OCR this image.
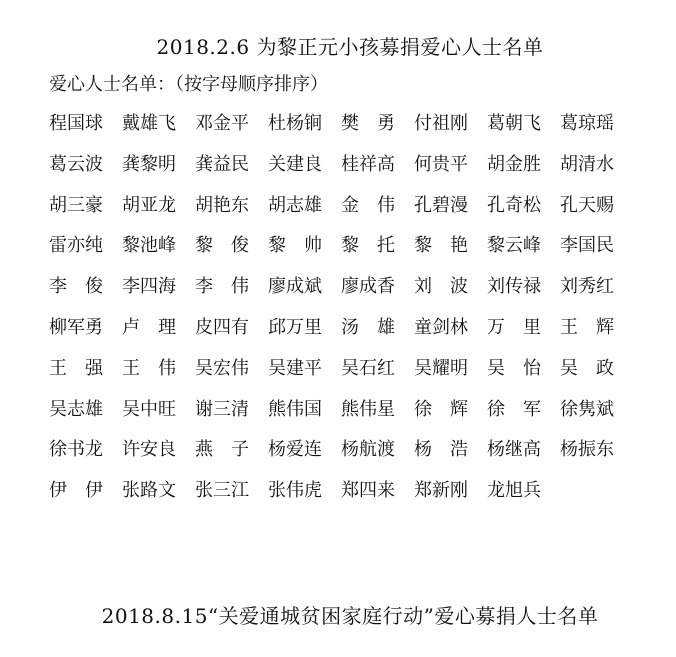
2018.2.6 为黎正元小孩募捐爱心人士名单
爱心人士名单：（按字母顺序排序）
程国球 戴雄飞 邓金平 杜杨锏 樊　勇 付祖刚 葛朝飞 葛琼瑶
葛云波 龚黎明 龚益民 关建良 桂祥高 何贵平 胡金胜 胡清水
胡三豪 胡亚龙 胡艳东 胡志雄 金　伟 孔碧漫 孔奇松 孔天赐
雷亦纯 黎池峰 黎　俊 黎　帅 黎　托 黎　艳 黎云峰 李国民
李　俊 李四海 李　伟 廖成斌 廖成香 刘　波 刘传禄 刘秀红
柳军勇 卢　理 皮四有 邱万里 汤　雄 童剑林 万　里 王　辉
王　强 王　伟 吴宏伟 吴建平 吴石红 吴耀明 吴　怡 吴　政
吴志雄 吴中旺 谢三清 熊伟国 熊伟星 徐　辉 徐　军 徐隽斌
徐书龙 许安良 燕　子 杨爱连 杨航渡 杨　浩 杨继高 杨振东
伊　伊 张路文 张三江 张伟虎 郑四来 郑新刚 龙旭兵
2018.8.15“关爱通城贫困家庭行动”爱心募捐人士名单
